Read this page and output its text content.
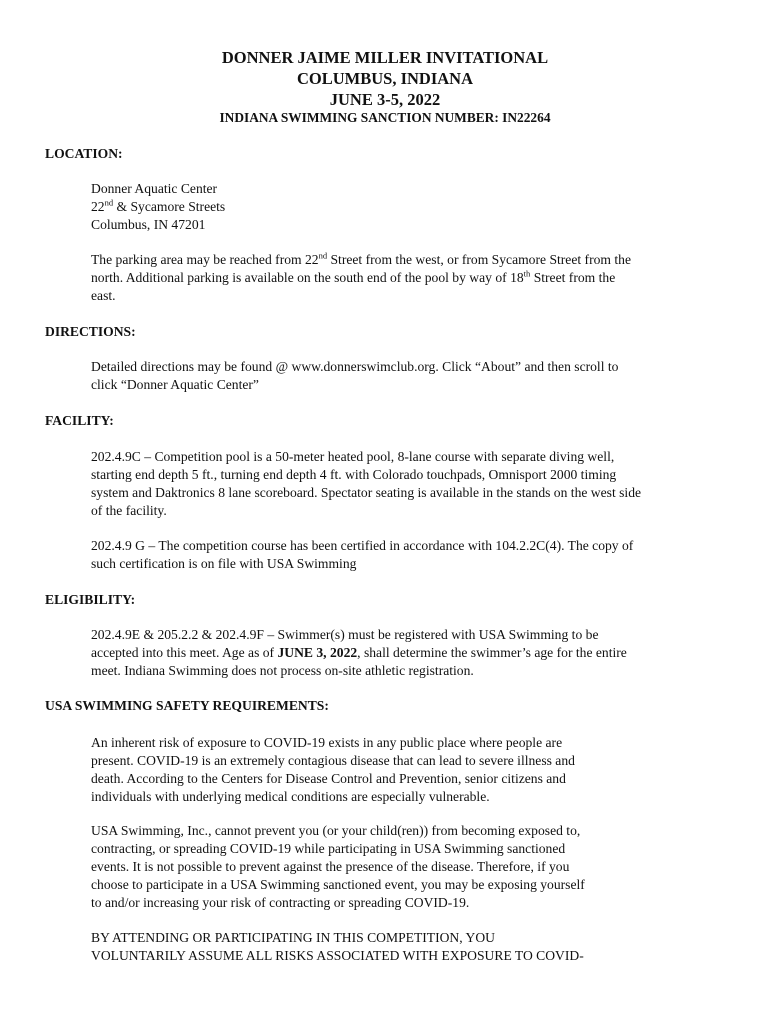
DONNER JAIME MILLER INVITATIONAL
COLUMBUS, INDIANA
JUNE 3-5, 2022
INDIANA SWIMMING SANCTION NUMBER: IN22264
LOCATION:
Donner Aquatic Center
22nd & Sycamore Streets
Columbus, IN 47201
The parking area may be reached from 22nd Street from the west, or from Sycamore Street from the
north. Additional parking is available on the south end of the pool by way of 18th Street from the
east.
DIRECTIONS:
Detailed directions may be found @ www.donnerswimclub.org. Click “About” and then scroll to
click “Donner Aquatic Center”
FACILITY:
202.4.9C – Competition pool is a 50-meter heated pool, 8-lane course with separate diving well,
starting end depth 5 ft., turning end depth 4 ft. with Colorado touchpads, Omnisport 2000 timing
system and Daktronics 8 lane scoreboard. Spectator seating is available in the stands on the west side
of the facility.
202.4.9 G – The competition course has been certified in accordance with 104.2.2C(4). The copy of
such certification is on file with USA Swimming
ELIGIBILITY:
202.4.9E & 205.2.2 & 202.4.9F – Swimmer(s) must be registered with USA Swimming to be
accepted into this meet. Age as of JUNE 3, 2022, shall determine the swimmer’s age for the entire
meet. Indiana Swimming does not process on-site athletic registration.
USA SWIMMING SAFETY REQUIREMENTS:
An inherent risk of exposure to COVID-19 exists in any public place where people are
present. COVID-19 is an extremely contagious disease that can lead to severe illness and
death. According to the Centers for Disease Control and Prevention, senior citizens and
individuals with underlying medical conditions are especially vulnerable.
USA Swimming, Inc., cannot prevent you (or your child(ren)) from becoming exposed to,
contracting, or spreading COVID-19 while participating in USA Swimming sanctioned
events. It is not possible to prevent against the presence of the disease. Therefore, if you
choose to participate in a USA Swimming sanctioned event, you may be exposing yourself
to and/or increasing your risk of contracting or spreading COVID-19.
BY ATTENDING OR PARTICIPATING IN THIS COMPETITION, YOU
VOLUNTARILY ASSUME ALL RISKS ASSOCIATED WITH EXPOSURE TO COVID-
